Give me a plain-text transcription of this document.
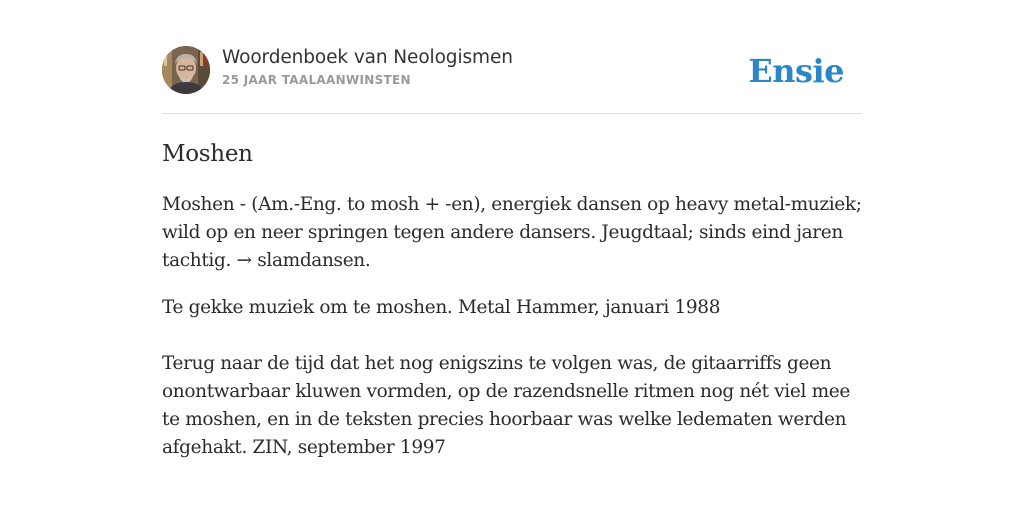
Woordenboek van Neologismen
25 JAAR TAALAANWINSTEN	Ensie
Moshen
Moshen - (Am.-Eng. to mosh + -en), energiek dansen op heavy metal-muziek; wild op en neer springen tegen andere dansers. Jeugdtaal; sinds eind jaren tachtig. → slamdansen.
Te gekke muziek om te moshen. Metal Hammer, januari 1988
Terug naar de tijd dat het nog enigszins te volgen was, de gitaarriffs geen onontwarbaar kluwen vormden, op de razendsnelle ritmen nog nét viel mee te moshen, en in de teksten precies hoorbaar was welke ledematen werden afgehakt. ZIN, september 1997
